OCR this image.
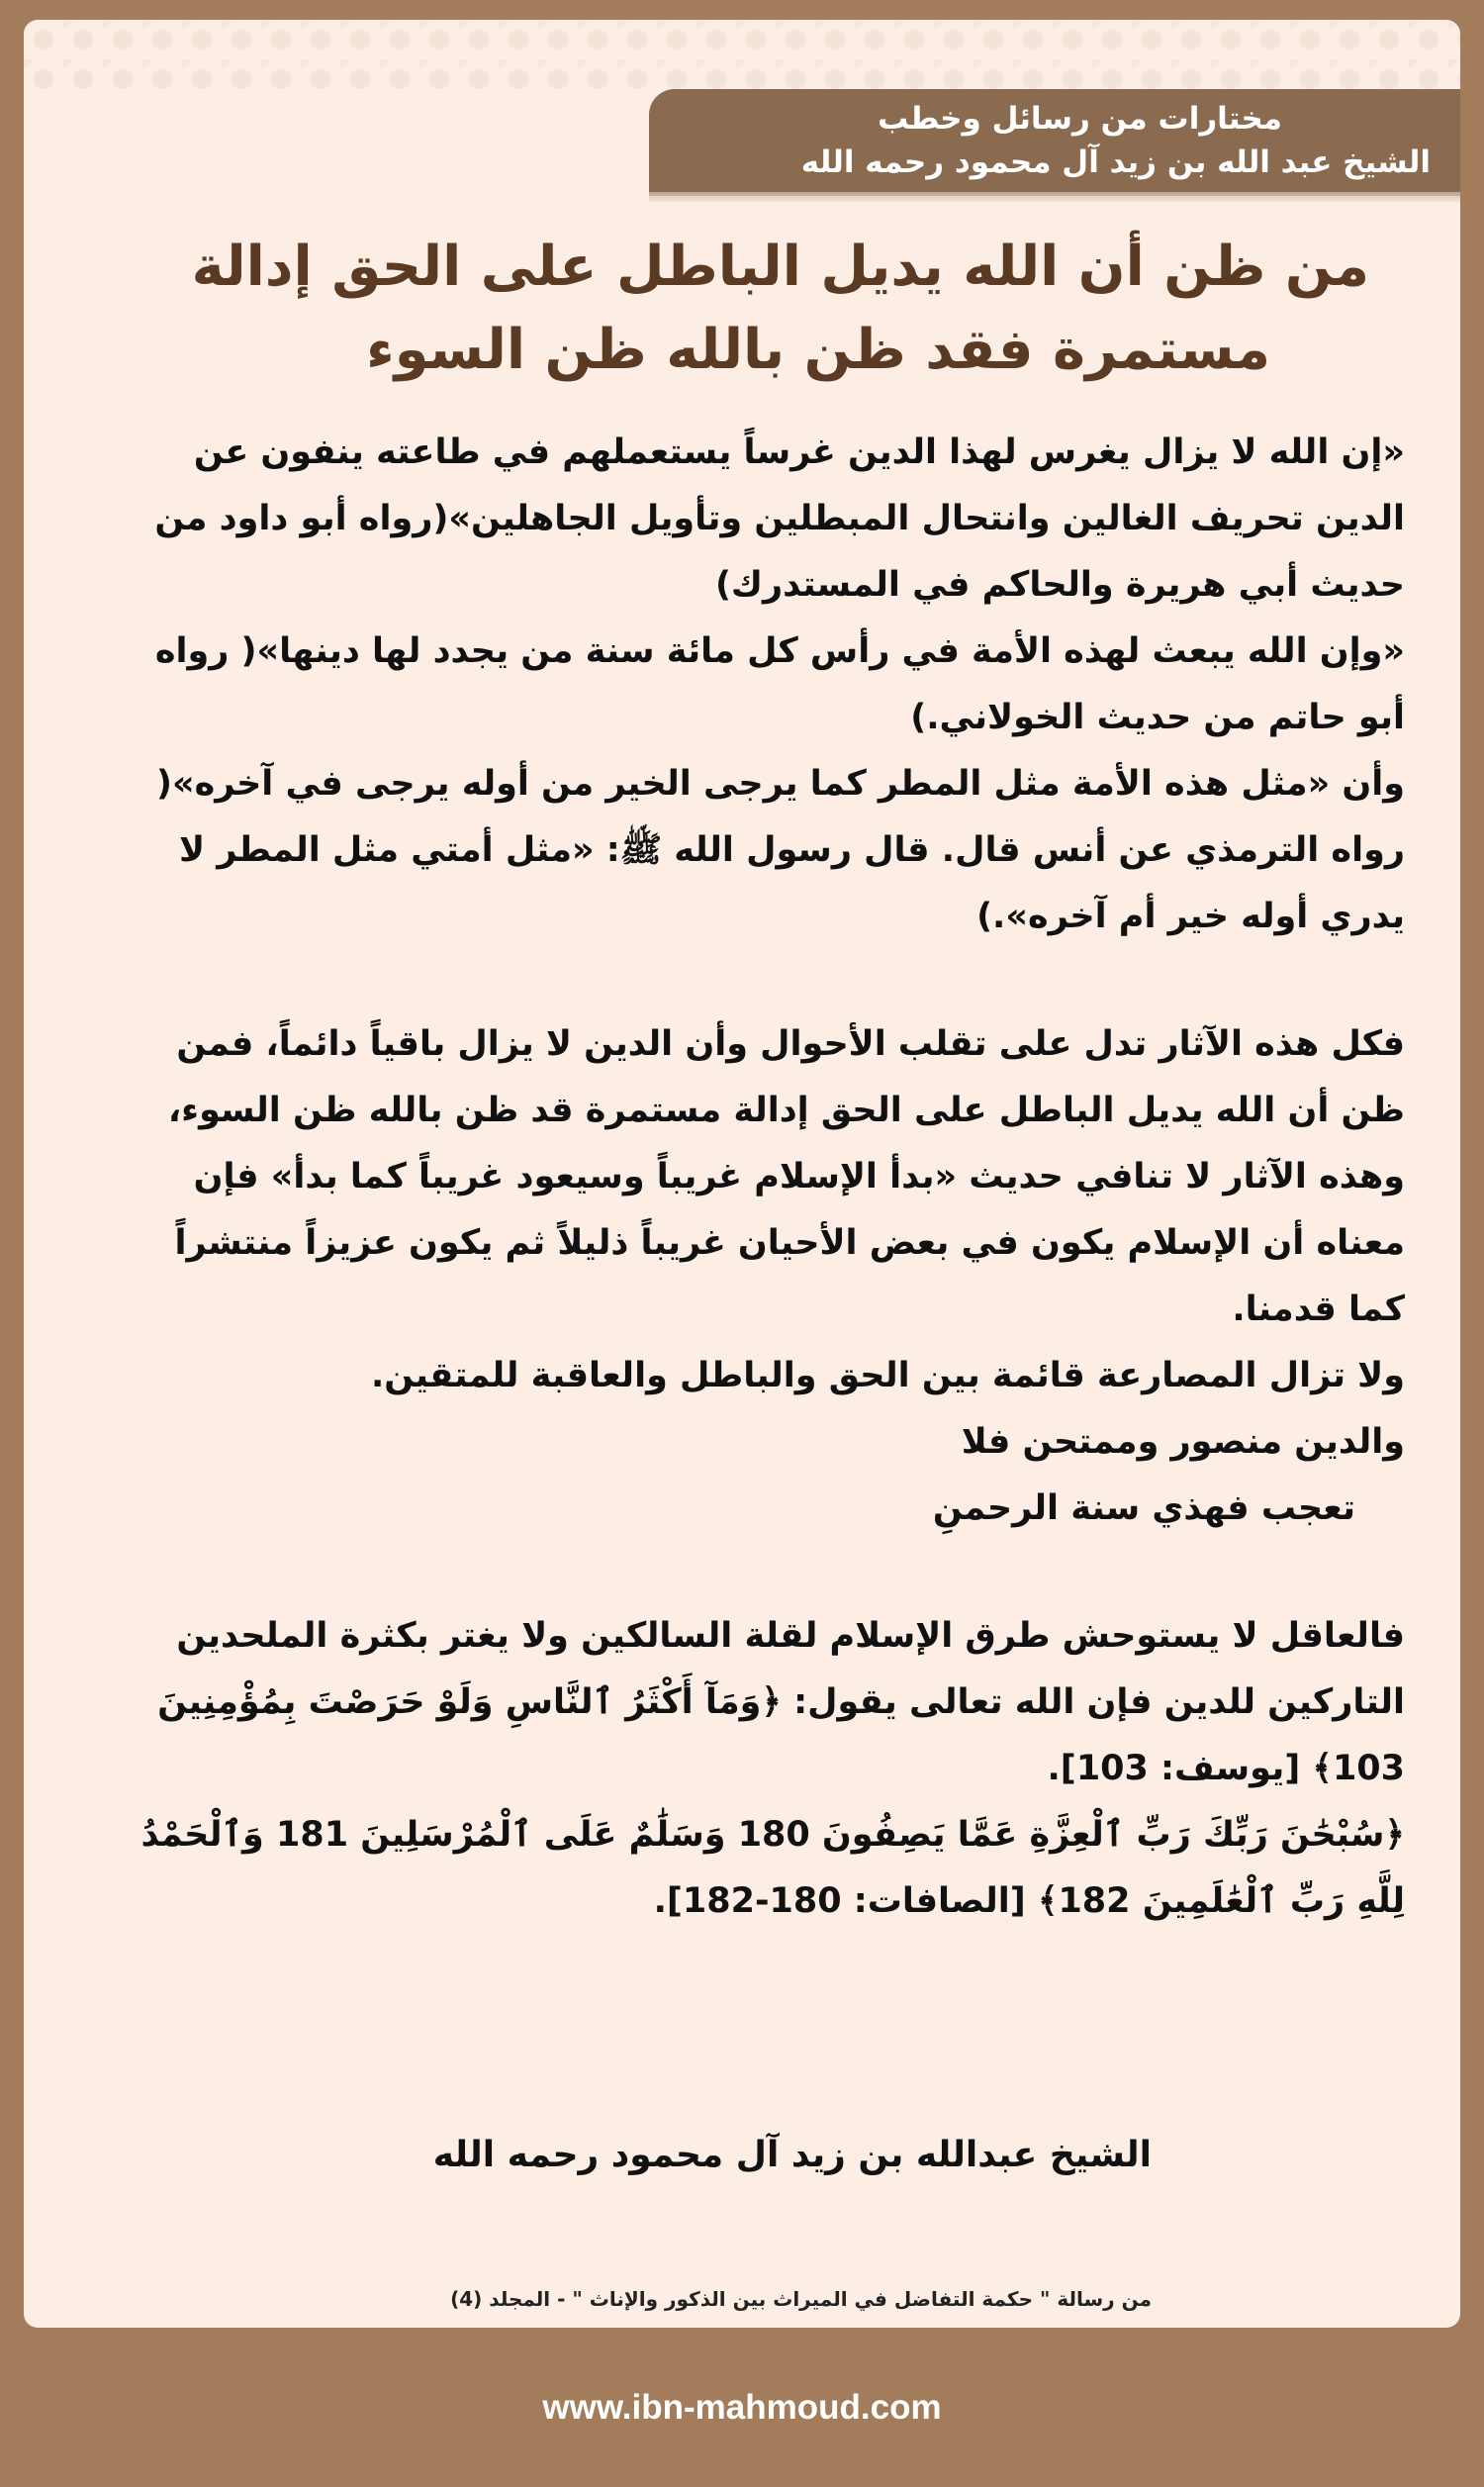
مختارات من رسائل وخطب
الشيخ عبد الله بن زيد آل محمود رحمه الله
من ظن أن الله يديل الباطل على الحق إدالة
مستمرة فقد ظن بالله ظن السوء

«إن الله لا يزال يغرس لهذا الدين غرساً يستعملهم في طاعته ينفون عن الدين تحريف الغالين وانتحال المبطلين وتأويل الجاهلين»(رواه أبو داود من حديث أبي هريرة والحاكم في المستدرك)

«وإن الله يبعث لهذه الأمة في رأس كل مائة سنة من يجدد لها دينها»( رواه أبو حاتم من حديث الخولاني.)

وأن «مثل هذه الأمة مثل المطر كما يرجى الخير من أوله يرجى في آخره»( رواه الترمذي عن أنس قال. قال رسول الله ﷺ: «مثل أمتي مثل المطر لا يدري أوله خير أم آخره».)

فكل هذه الآثار تدل على تقلب الأحوال وأن الدين لا يزال باقياً دائماً، فمن ظن أن الله يديل الباطل على الحق إدالة مستمرة قد ظن بالله ظن السوء، وهذه الآثار لا تنافي حديث «بدأ الإسلام غريباً وسيعود غريباً كما بدأ» فإن معناه أن الإسلام يكون في بعض الأحيان غريباً ذليلاً ثم يكون عزيزاً منتشراً كما قدمنا.

ولا تزال المصارعة قائمة بين الحق والباطل والعاقبة للمتقين.

والدين منصور وممتحن فلا

تعجب فهذي سنة الرحمنِ

فالعاقل لا يستوحش طرق الإسلام لقلة السالكين ولا يغتر بكثرة الملحدين التاركين للدين فإن الله تعالى يقول: ﴿وَمَآ أَكْثَرُ ٱلنَّاسِ وَلَوْ حَرَصْتَ بِمُؤْمِنِينَ 103﴾ [يوسف: 103].

﴿سُبْحَٰنَ رَبِّكَ رَبِّ ٱلْعِزَّةِ عَمَّا يَصِفُونَ 180 وَسَلَٰمٌ عَلَى ٱلْمُرْسَلِينَ 181 وَٱلْحَمْدُ لِلَّهِ رَبِّ ٱلْعَٰلَمِينَ 182﴾ [الصافات: 180-182].

الشيخ عبدالله بن زيد آل محمود رحمه الله
من رسالة " حكمة التفاضل في الميراث بين الذكور والإناث " - المجلد (4)
www.ibn-mahmoud.com
